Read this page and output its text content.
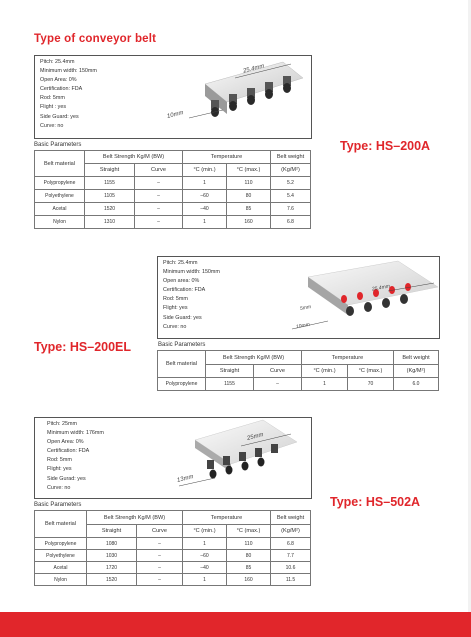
Type of conveyor belt
Pitch: 25.4mm
Minimum width: 150mm
Open Area: 0%
Certification: FDA
Rod: 5mm
Flight : yes
Side Guard: yes
Curve: no
25.4mm
10mm
Basic Parameters	Type: HS–200A
Belt material	Belt Strength Kg/M (BW)		Temperature		Belt weight
	Straight	Curve	°C (min.)	°C (max.)	(Kg/M²)
Polypropylene	1155	–	1	110	5.2
Polyethylene	1105	–	–60	80	5.4
Acetal	1520	–	–40	85	7.6
Nylon	1310	–	1	160	6.8
Pitch: 25.4mm
Minimum width: 150mm
Open area: 0%
Certification: FDA
Rod: 5mm
Flight: yes
Side Guard: yes
Curve: no
25.4mm
5mm
10mm
Type: HS–200EL	Basic Parameters
Belt material	Belt Strength Kg/M (BW)		Temperature		Belt weight
	Straight	Curve	°C (min.)	°C (max.)	(Kg/M²)
Polypropylene	1155	–	1	70	6.0
Pitch: 25mm
Minimum width: 176mm
Open Area: 0%
Certification: FDA
Rod: 5mm
Flight: yes
Side Gurad: yes
Curve: no
25mm
13mm
Basic Parameters	Type: HS–502A
Belt material	Belt Strength Kg/M (BW)		Temperature		Belt weight
	Straight	Curve	°C (min.)	°C (max.)	(Kg/M²)
Polypropylene	1080	–	1	110	6.8
Polyethylene	1030	–	–60	80	7.7
Acetal	1720	–	–40	85	10.6
Nylon	1520	–	1	160	11.5
